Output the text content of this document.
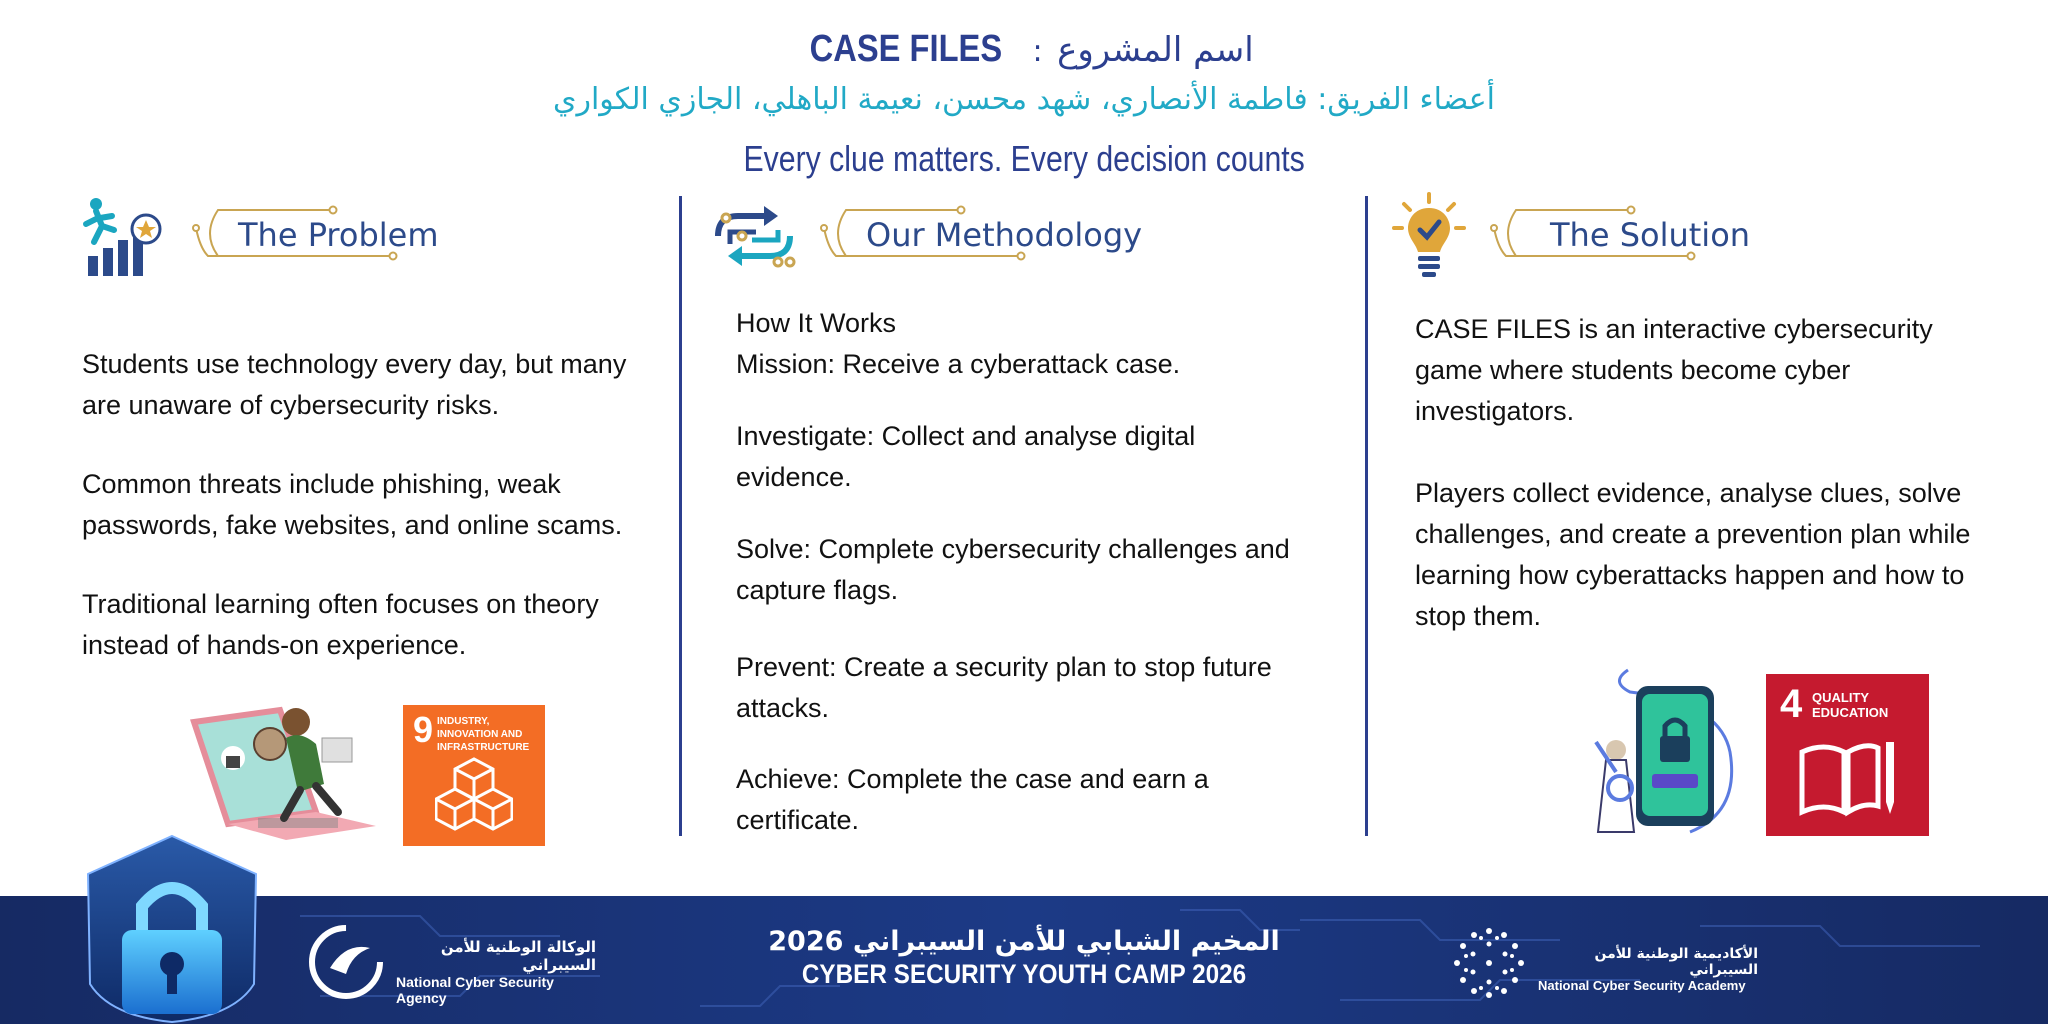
CASE FILES : اسم المشروع
أعضاء الفريق: فاطمة الأنصاري، شهد محسن، نعيمة الباهلي، الجازي الكواري
Every clue matters. Every decision counts
The Problem

Students use technology every day, but many are unaware of cybersecurity risks.

Common threats include phishing, weak passwords, fake websites, and online scams.

Traditional learning often focuses on theory instead of hands-on experience.

9 INDUSTRY, INNOVATION AND INFRASTRUCTURE
Our Methodology

How It Works

Mission: Receive a cyberattack case.

Investigate: Collect and analyse digital evidence.

Solve: Complete cybersecurity challenges and capture flags.

Prevent: Create a security plan to stop future attacks.

Achieve: Complete the case and earn a certificate.

The Solution

CASE FILES is an interactive cybersecurity game where students become cyber investigators.

Players collect evidence, analyse clues, solve challenges, and create a prevention plan while learning how cyberattacks happen and how to stop them.

4 QUALITY
EDUCATION
الوكالة الوطنية للأمن السيبراني
National Cyber Security Agency
المخيم الشبابي للأمن السيبراني 2026
CYBER SECURITY YOUTH CAMP 2026
الأكاديمية الوطنية للأمن السيبراني
National Cyber Security Academy
